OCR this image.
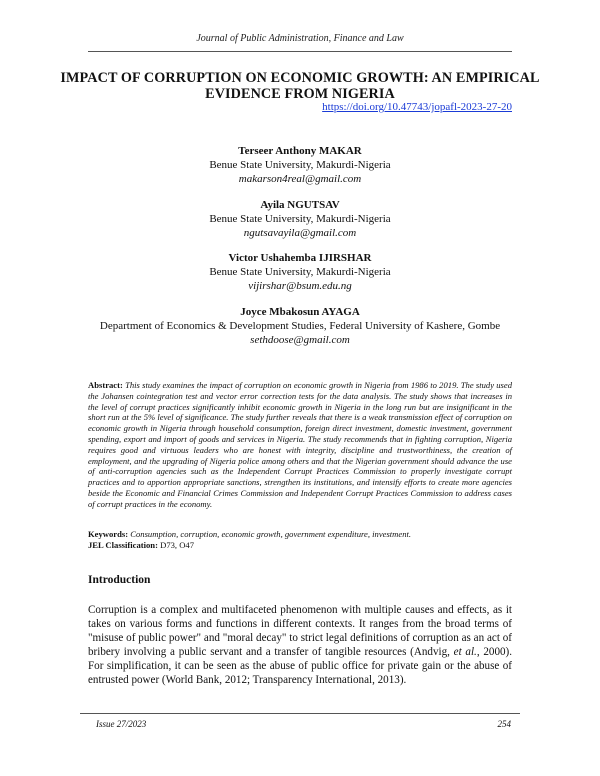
Journal of Public Administration, Finance and Law
IMPACT OF CORRUPTION ON ECONOMIC GROWTH: AN EMPIRICAL EVIDENCE FROM NIGERIA
https://doi.org/10.47743/jopafl-2023-27-20
Terseer Anthony MAKAR
Benue State University, Makurdi-Nigeria
makarson4real@gmail.com
Ayila NGUTSAV
Benue State University, Makurdi-Nigeria
ngutsavayila@gmail.com
Victor Ushahemba IJIRSHAR
Benue State University, Makurdi-Nigeria
vijirshar@bsum.edu.ng
Joyce Mbakosun AYAGA
Department of Economics & Development Studies, Federal University of Kashere, Gombe
sethdoose@gmail.com
Abstract: This study examines the impact of corruption on economic growth in Nigeria from 1986 to 2019. The study used the Johansen cointegration test and vector error correction tests for the data analysis. The study shows that increases in the level of corrupt practices significantly inhibit economic growth in Nigeria in the long run but are insignificant in the short run at the 5% level of significance. The study further reveals that there is a weak transmission effect of corruption on economic growth in Nigeria through household consumption, foreign direct investment, domestic investment, government spending, export and import of goods and services in Nigeria. The study recommends that in fighting corruption, Nigeria requires good and virtuous leaders who are honest with integrity, discipline and trustworthiness, the creation of employment, and the upgrading of Nigeria police among others and that the Nigerian government should advance the use of anti-corruption agencies such as the Independent Corrupt Practices Commission to properly investigate corrupt practices and to apportion appropriate sanctions, strengthen its institutions, and intensify efforts to create more agencies beside the Economic and Financial Crimes Commission and Independent Corrupt Practices Commission to address cases of corrupt practices in the economy.
Keywords: Consumption, corruption, economic growth, government expenditure, investment.
JEL Classification: D73, O47
Introduction
Corruption is a complex and multifaceted phenomenon with multiple causes and effects, as it takes on various forms and functions in different contexts. It ranges from the broad terms of "misuse of public power" and "moral decay" to strict legal definitions of corruption as an act of bribery involving a public servant and a transfer of tangible resources (Andvig, et al., 2000). For simplification, it can be seen as the abuse of public office for private gain or the abuse of entrusted power (World Bank, 2012; Transparency International, 2013).
Issue 27/2023	254
